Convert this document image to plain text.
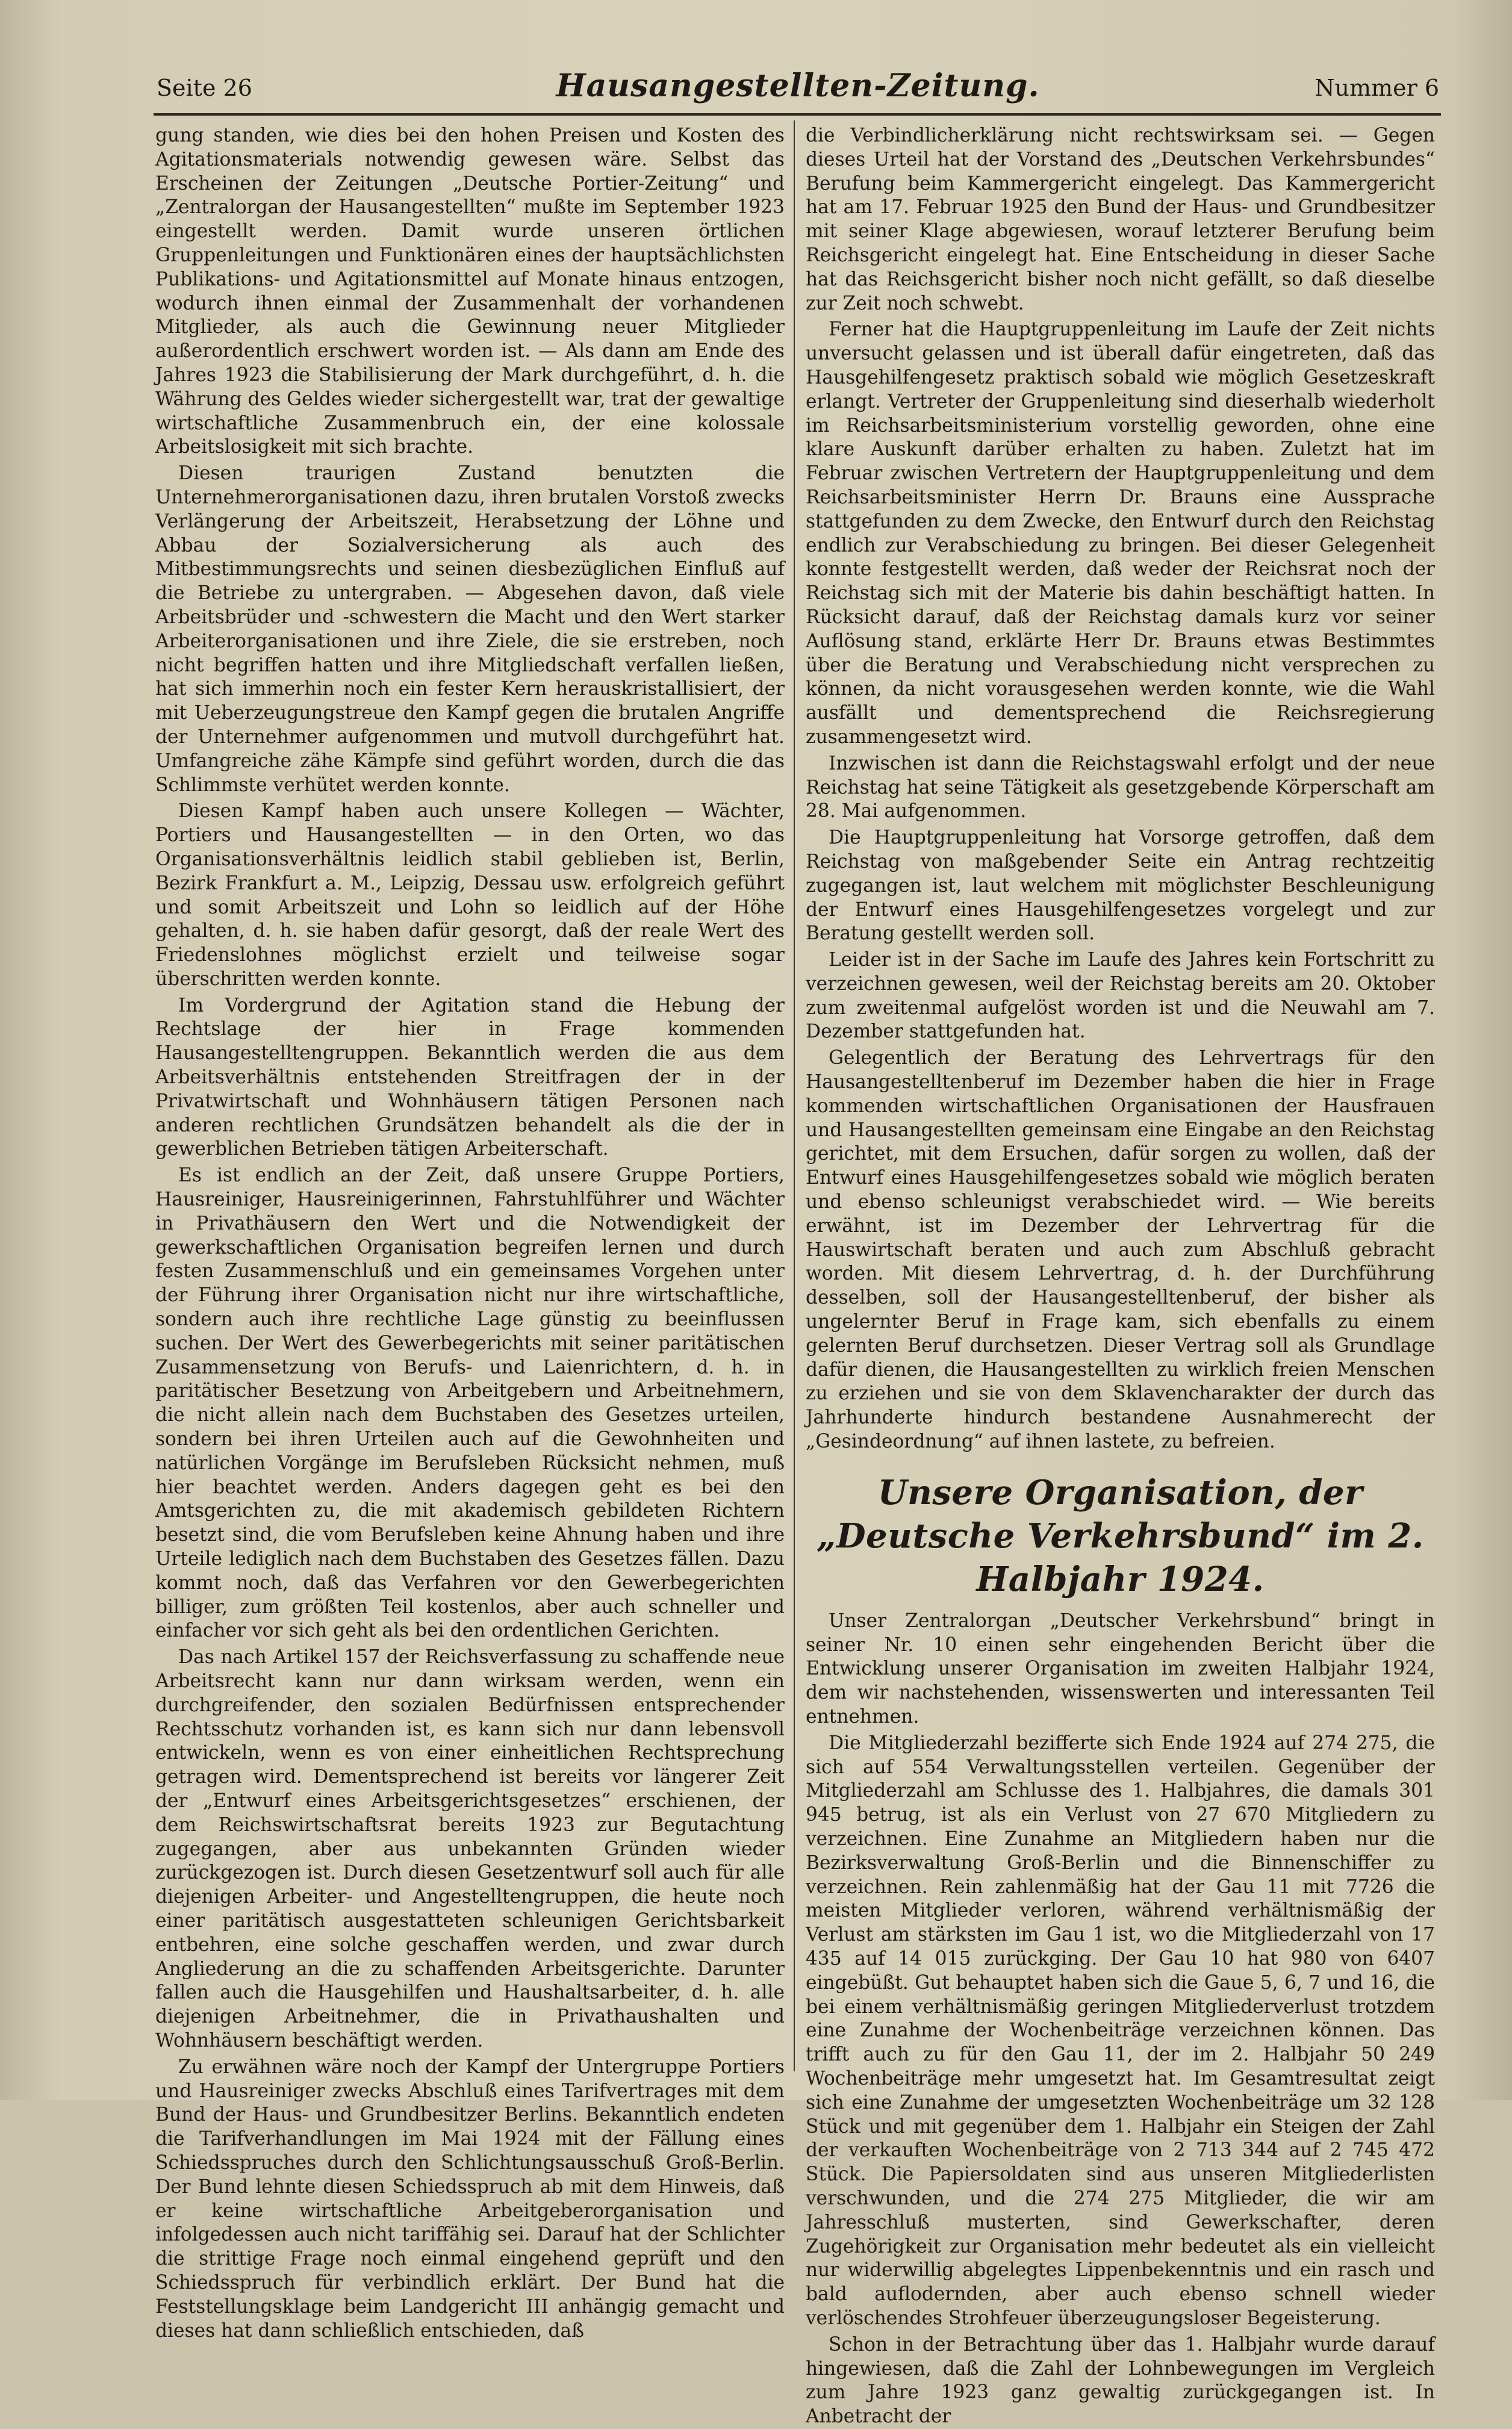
Seite 26	Hausangestellten-Zeitung.	Nummer 6

gung standen, wie dies bei den hohen Preisen und Kosten des Agitationsmaterials notwendig gewesen wäre. Selbst das Erscheinen der Zeitungen „Deutsche Portier-Zeitung“ und „Zentralorgan der Hausangestellten“ mußte im September 1923 eingestellt werden. Damit wurde unseren örtlichen Gruppenleitungen und Funktionären eines der hauptsächlichsten Publikations- und Agitationsmittel auf Monate hinaus entzogen, wodurch ihnen einmal der Zusammenhalt der vorhandenen Mitglieder, als auch die Gewinnung neuer Mitglieder außerordentlich erschwert worden ist. — Als dann am Ende des Jahres 1923 die Stabilisierung der Mark durchgeführt, d. h. die Währung des Geldes wieder sichergestellt war, trat der gewaltige wirtschaftliche Zusammenbruch ein, der eine kolossale Arbeitslosigkeit mit sich brachte.

Diesen traurigen Zustand benutzten die Unternehmerorganisationen dazu, ihren brutalen Vorstoß zwecks Verlängerung der Arbeitszeit, Herabsetzung der Löhne und Abbau der Sozialversicherung als auch des Mitbestimmungsrechts und seinen diesbezüglichen Einfluß auf die Betriebe zu untergraben. — Abgesehen davon, daß viele Arbeitsbrüder und -schwestern die Macht und den Wert starker Arbeiterorganisationen und ihre Ziele, die sie erstreben, noch nicht begriffen hatten und ihre Mitgliedschaft verfallen ließen, hat sich immerhin noch ein fester Kern herauskristallisiert, der mit Ueberzeugungstreue den Kampf gegen die brutalen Angriffe der Unternehmer aufgenommen und mutvoll durchgeführt hat. Umfangreiche zähe Kämpfe sind geführt worden, durch die das Schlimmste verhütet werden konnte.

Diesen Kampf haben auch unsere Kollegen — Wächter, Portiers und Hausangestellten — in den Orten, wo das Organisationsverhältnis leidlich stabil geblieben ist, Berlin, Bezirk Frankfurt a. M., Leipzig, Dessau usw. erfolgreich geführt und somit Arbeitszeit und Lohn so leidlich auf der Höhe gehalten, d. h. sie haben dafür gesorgt, daß der reale Wert des Friedenslohnes möglichst erzielt und teilweise sogar überschritten werden konnte.

Im Vordergrund der Agitation stand die Hebung der Rechtslage der hier in Frage kommenden Hausangestelltengruppen. Bekanntlich werden die aus dem Arbeitsverhältnis entstehenden Streitfragen der in der Privatwirtschaft und Wohnhäusern tätigen Personen nach anderen rechtlichen Grundsätzen behandelt als die der in gewerblichen Betrieben tätigen Arbeiterschaft.

Es ist endlich an der Zeit, daß unsere Gruppe Portiers, Hausreiniger, Hausreinigerinnen, Fahrstuhlführer und Wächter in Privathäusern den Wert und die Notwendigkeit der gewerkschaftlichen Organisation begreifen lernen und durch festen Zusammenschluß und ein gemeinsames Vorgehen unter der Führung ihrer Organisation nicht nur ihre wirtschaftliche, sondern auch ihre rechtliche Lage günstig zu beeinflussen suchen. Der Wert des Gewerbegerichts mit seiner paritätischen Zusammensetzung von Berufs- und Laienrichtern, d. h. in paritätischer Besetzung von Arbeitgebern und Arbeitnehmern, die nicht allein nach dem Buchstaben des Gesetzes urteilen, sondern bei ihren Urteilen auch auf die Gewohnheiten und natürlichen Vorgänge im Berufsleben Rücksicht nehmen, muß hier beachtet werden. Anders dagegen geht es bei den Amtsgerichten zu, die mit akademisch gebildeten Richtern besetzt sind, die vom Berufsleben keine Ahnung haben und ihre Urteile lediglich nach dem Buchstaben des Gesetzes fällen. Dazu kommt noch, daß das Verfahren vor den Gewerbegerichten billiger, zum größten Teil kostenlos, aber auch schneller und einfacher vor sich geht als bei den ordentlichen Gerichten.

Das nach Artikel 157 der Reichsverfassung zu schaffende neue Arbeitsrecht kann nur dann wirksam werden, wenn ein durchgreifender, den sozialen Bedürfnissen entsprechender Rechtsschutz vorhanden ist, es kann sich nur dann lebensvoll entwickeln, wenn es von einer einheitlichen Rechtsprechung getragen wird. Dementsprechend ist bereits vor längerer Zeit der „Entwurf eines Arbeitsgerichtsgesetzes“ erschienen, der dem Reichswirtschaftsrat bereits 1923 zur Begutachtung zugegangen, aber aus unbekannten Gründen wieder zurückgezogen ist. Durch diesen Gesetzentwurf soll auch für alle diejenigen Arbeiter- und Angestelltengruppen, die heute noch einer paritätisch ausgestatteten schleunigen Gerichtsbarkeit entbehren, eine solche geschaffen werden, und zwar durch Angliederung an die zu schaffenden Arbeitsgerichte. Darunter fallen auch die Hausgehilfen und Haushaltsarbeiter, d. h. alle diejenigen Arbeitnehmer, die in Privathaushalten und Wohnhäusern beschäftigt werden.

Zu erwähnen wäre noch der Kampf der Untergruppe Portiers und Hausreiniger zwecks Abschluß eines Tarifvertrages mit dem Bund der Haus- und Grundbesitzer Berlins. Bekanntlich endeten die Tarifverhandlungen im Mai 1924 mit der Fällung eines Schiedsspruches durch den Schlichtungsausschuß Groß-Berlin. Der Bund lehnte diesen Schiedsspruch ab mit dem Hinweis, daß er keine wirtschaftliche Arbeitgeberorganisation und infolgedessen auch nicht tariffähig sei. Darauf hat der Schlichter die strittige Frage noch einmal eingehend geprüft und den Schiedsspruch für verbindlich erklärt. Der Bund hat die Feststellungsklage beim Landgericht III anhängig gemacht und dieses hat dann schließlich entschieden, daß

die Verbindlicherklärung nicht rechtswirksam sei. — Gegen dieses Urteil hat der Vorstand des „Deutschen Verkehrsbundes“ Berufung beim Kammergericht eingelegt. Das Kammergericht hat am 17. Februar 1925 den Bund der Haus- und Grundbesitzer mit seiner Klage abgewiesen, worauf letzterer Berufung beim Reichsgericht eingelegt hat. Eine Entscheidung in dieser Sache hat das Reichsgericht bisher noch nicht gefällt, so daß dieselbe zur Zeit noch schwebt.

Ferner hat die Hauptgruppenleitung im Laufe der Zeit nichts unversucht gelassen und ist überall dafür eingetreten, daß das Hausgehilfengesetz praktisch sobald wie möglich Gesetzeskraft erlangt. Vertreter der Gruppenleitung sind dieserhalb wiederholt im Reichsarbeitsministerium vorstellig geworden, ohne eine klare Auskunft darüber erhalten zu haben. Zuletzt hat im Februar zwischen Vertretern der Hauptgruppenleitung und dem Reichsarbeitsminister Herrn Dr. Brauns eine Aussprache stattgefunden zu dem Zwecke, den Entwurf durch den Reichstag endlich zur Verabschiedung zu bringen. Bei dieser Gelegenheit konnte festgestellt werden, daß weder der Reichsrat noch der Reichstag sich mit der Materie bis dahin beschäftigt hatten. In Rücksicht darauf, daß der Reichstag damals kurz vor seiner Auflösung stand, erklärte Herr Dr. Brauns etwas Bestimmtes über die Beratung und Verabschiedung nicht versprechen zu können, da nicht vorausgesehen werden konnte, wie die Wahl ausfällt und dementsprechend die Reichsregierung zusammengesetzt wird.

Inzwischen ist dann die Reichstagswahl erfolgt und der neue Reichstag hat seine Tätigkeit als gesetzgebende Körperschaft am 28. Mai aufgenommen.

Die Hauptgruppenleitung hat Vorsorge getroffen, daß dem Reichstag von maßgebender Seite ein Antrag rechtzeitig zugegangen ist, laut welchem mit möglichster Beschleunigung der Entwurf eines Hausgehilfengesetzes vorgelegt und zur Beratung gestellt werden soll.

Leider ist in der Sache im Laufe des Jahres kein Fortschritt zu verzeichnen gewesen, weil der Reichstag bereits am 20. Oktober zum zweitenmal aufgelöst worden ist und die Neuwahl am 7. Dezember stattgefunden hat.

Gelegentlich der Beratung des Lehrvertrags für den Hausangestelltenberuf im Dezember haben die hier in Frage kommenden wirtschaftlichen Organisationen der Hausfrauen und Hausangestellten gemeinsam eine Eingabe an den Reichstag gerichtet, mit dem Ersuchen, dafür sorgen zu wollen, daß der Entwurf eines Hausgehilfengesetzes sobald wie möglich beraten und ebenso schleunigst verabschiedet wird. — Wie bereits erwähnt, ist im Dezember der Lehrvertrag für die Hauswirtschaft beraten und auch zum Abschluß gebracht worden. Mit diesem Lehrvertrag, d. h. der Durchführung desselben, soll der Hausangestelltenberuf, der bisher als ungelernter Beruf in Frage kam, sich ebenfalls zu einem gelernten Beruf durchsetzen. Dieser Vertrag soll als Grundlage dafür dienen, die Hausangestellten zu wirklich freien Menschen zu erziehen und sie von dem Sklavencharakter der durch das Jahrhunderte hindurch bestandene Ausnahmerecht der „Gesindeordnung“ auf ihnen lastete, zu befreien.

Unsere Organisation, der „Deutsche Verkehrsbund“ im 2. Halbjahr 1924.

Unser Zentralorgan „Deutscher Verkehrsbund“ bringt in seiner Nr. 10 einen sehr eingehenden Bericht über die Entwicklung unserer Organisation im zweiten Halbjahr 1924, dem wir nachstehenden, wissenswerten und interessanten Teil entnehmen.

Die Mitgliederzahl bezifferte sich Ende 1924 auf 274 275, die sich auf 554 Verwaltungsstellen verteilen. Gegenüber der Mitgliederzahl am Schlusse des 1. Halbjahres, die damals 301 945 betrug, ist als ein Verlust von 27 670 Mitgliedern zu verzeichnen. Eine Zunahme an Mitgliedern haben nur die Bezirksverwaltung Groß-Berlin und die Binnenschiffer zu verzeichnen. Rein zahlenmäßig hat der Gau 11 mit 7726 die meisten Mitglieder verloren, während verhältnismäßig der Verlust am stärksten im Gau 1 ist, wo die Mitgliederzahl von 17 435 auf 14 015 zurückging. Der Gau 10 hat 980 von 6407 eingebüßt. Gut behauptet haben sich die Gaue 5, 6, 7 und 16, die bei einem verhältnismäßig geringen Mitgliederverlust trotzdem eine Zunahme der Wochenbeiträge verzeichnen können. Das trifft auch zu für den Gau 11, der im 2. Halbjahr 50 249 Wochenbeiträge mehr umgesetzt hat. Im Gesamtresultat zeigt sich eine Zunahme der umgesetzten Wochenbeiträge um 32 128 Stück und mit gegenüber dem 1. Halbjahr ein Steigen der Zahl der verkauften Wochenbeiträge von 2 713 344 auf 2 745 472 Stück. Die Papiersoldaten sind aus unseren Mitgliederlisten verschwunden, und die 274 275 Mitglieder, die wir am Jahresschluß musterten, sind Gewerkschafter, deren Zugehörigkeit zur Organisation mehr bedeutet als ein vielleicht nur widerwillig abgelegtes Lippenbekenntnis und ein rasch und bald auflodernden, aber auch ebenso schnell wieder verlöschendes Strohfeuer überzeugungsloser Begeisterung.

Schon in der Betrachtung über das 1. Halbjahr wurde darauf hingewiesen, daß die Zahl der Lohnbewegungen im Vergleich zum Jahre 1923 ganz gewaltig zurückgegangen ist. In Anbetracht der
